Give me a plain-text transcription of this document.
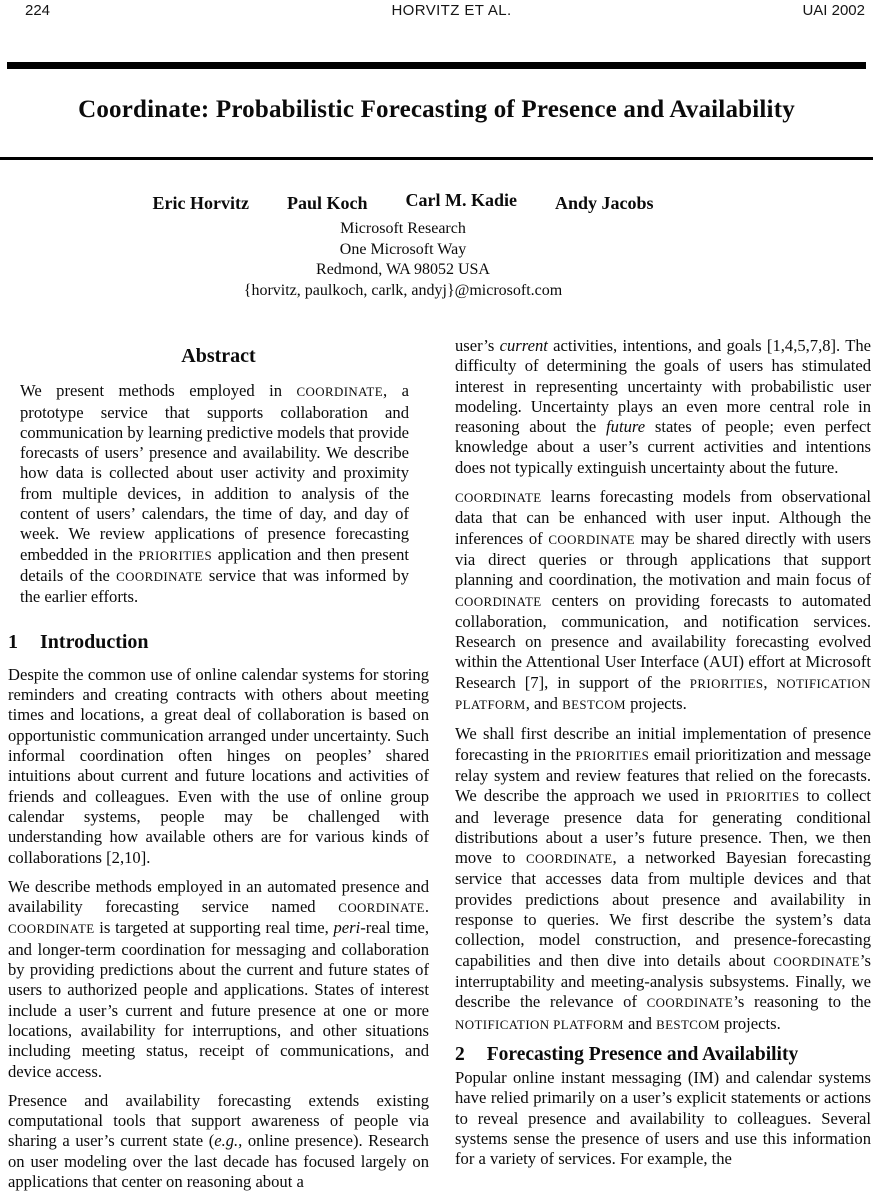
224	HORVITZ ET AL.	UAI 2002
Coordinate: Probabilistic Forecasting of Presence and Availability
Eric Horvitz Paul Koch Carl M. Kadie Andy Jacobs
Microsoft Research
One Microsoft Way
Redmond, WA 98052 USA
{horvitz, paulkoch, carlk, andyj}@microsoft.com
Abstract

We present methods employed in COORDINATE, a prototype service that supports collaboration and communication by learning predictive models that provide forecasts of users’ presence and availability. We describe how data is collected about user activity and proximity from multiple devices, in addition to analysis of the content of users’ calendars, the time of day, and day of week. We review applications of presence forecasting embedded in the PRIORITIES application and then present details of the COORDINATE service that was informed by the earlier efforts.

1 Introduction

Despite the common use of online calendar systems for storing reminders and creating contracts with others about meeting times and locations, a great deal of collaboration is based on opportunistic communication arranged under uncertainty. Such informal coordination often hinges on peoples’ shared intuitions about current and future locations and activities of friends and colleagues. Even with the use of online group calendar systems, people may be challenged with understanding how available others are for various kinds of collaborations [2,10].

We describe methods employed in an automated presence and availability forecasting service named COORDINATE. COORDINATE is targeted at supporting real time, peri-real time, and longer-term coordination for messaging and collaboration by providing predictions about the current and future states of users to authorized people and applications. States of interest include a user’s current and future presence at one or more locations, availability for interruptions, and other situations including meeting status, receipt of communications, and device access.

Presence and availability forecasting extends existing computational tools that support awareness of people via sharing a user’s current state (e.g., online presence). Research on user modeling over the last decade has focused largely on applications that center on reasoning about a

user’s current activities, intentions, and goals [1,4,5,7,8]. The difficulty of determining the goals of users has stimulated interest in representing uncertainty with probabilistic user modeling. Uncertainty plays an even more central role in reasoning about the future states of people; even perfect knowledge about a user’s current activities and intentions does not typically extinguish uncertainty about the future.

COORDINATE learns forecasting models from observational data that can be enhanced with user input. Although the inferences of COORDINATE may be shared directly with users via direct queries or through applications that support planning and coordination, the motivation and main focus of COORDINATE centers on providing forecasts to automated collaboration, communication, and notification services. Research on presence and availability forecasting evolved within the Attentional User Interface (AUI) effort at Microsoft Research [7], in support of the PRIORITIES, NOTIFICATION PLATFORM, and BESTCOM projects.

We shall first describe an initial implementation of presence forecasting in the PRIORITIES email prioritization and message relay system and review features that relied on the forecasts. We describe the approach we used in PRIORITIES to collect and leverage presence data for generating conditional distributions about a user’s future presence. Then, we then move to COORDINATE, a networked Bayesian forecasting service that accesses data from multiple devices and that provides predictions about presence and availability in response to queries. We first describe the system’s data collection, model construction, and presence-forecasting capabilities and then dive into details about COORDINATE’s interruptability and meeting-analysis subsystems. Finally, we describe the relevance of COORDINATE’s reasoning to the NOTIFICATION PLATFORM and BESTCOM projects.

2 Forecasting Presence and Availability

Popular online instant messaging (IM) and calendar systems have relied primarily on a user’s explicit statements or actions to reveal presence and availability to colleagues. Several systems sense the presence of users and use this information for a variety of services. For example, the
